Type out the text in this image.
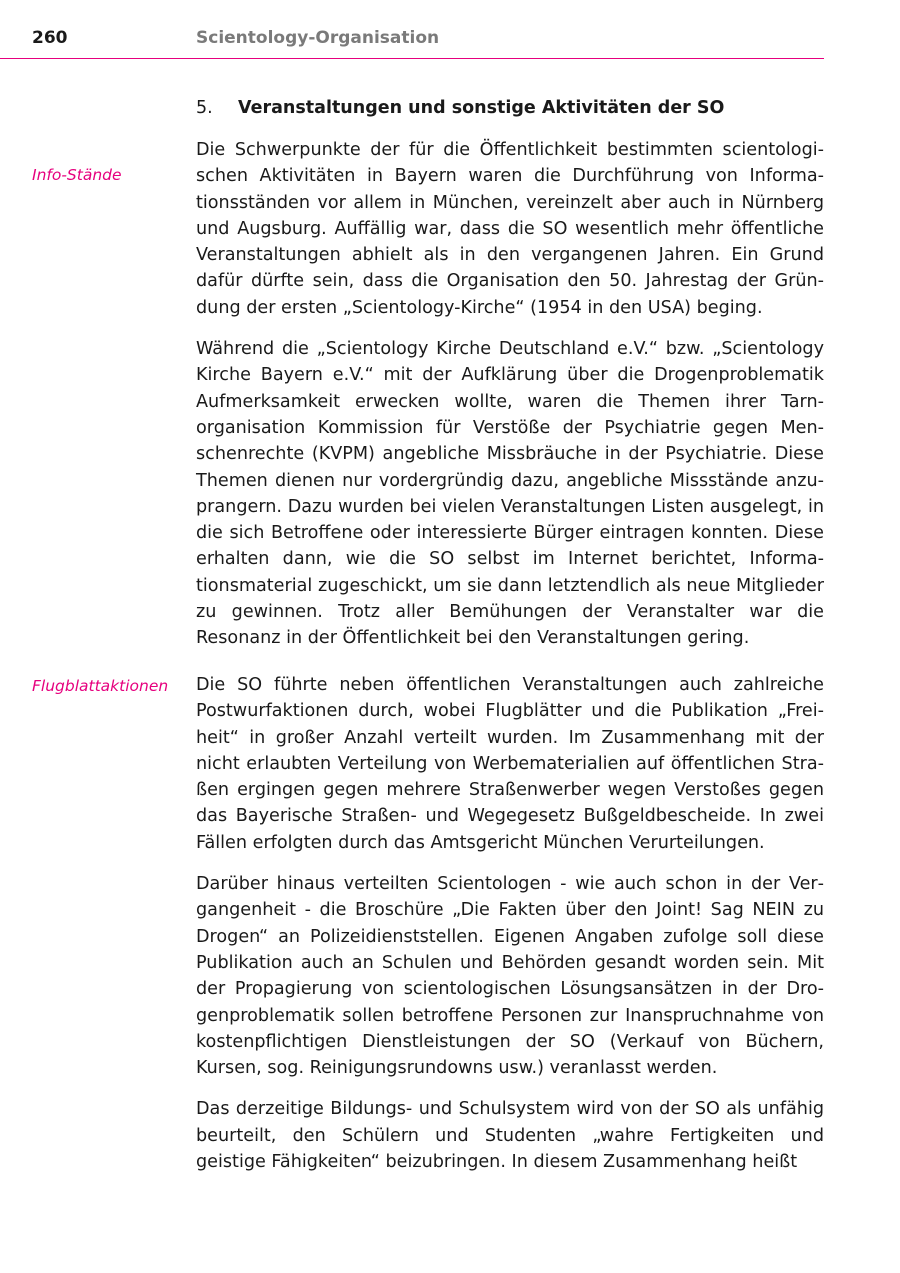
260	Scientology-Organisation
5. Veranstaltungen und sonstige Aktivitäten der SO
Info-Stände
Flugblattaktionen

Die Schwerpunkte der für die Öffentlichkeit bestimmten scientologischen Aktivitäten in Bayern waren die Durchführung von Informationsständen vor allem in München, vereinzelt aber auch in Nürnberg und Augsburg. Auffällig war, dass die SO wesentlich mehr öffentliche Veranstaltungen abhielt als in den vergangenen Jahren. Ein Grund dafür dürfte sein, dass die Organisation den 50. Jahrestag der Gründung der ersten „Scientology-Kirche“ (1954 in den USA) beging.

Während die „Scientology Kirche Deutschland e.V.“ bzw. „Scientology Kirche Bayern e.V.“ mit der Aufklärung über die Drogenproblematik Aufmerksamkeit erwecken wollte, waren die Themen ihrer Tarnorganisation Kommission für Verstöße der Psychiatrie gegen Menschenrechte (KVPM) angebliche Missbräuche in der Psychiatrie. Diese Themen dienen nur vordergründig dazu, angebliche Missstände anzuprangern. Dazu wurden bei vielen Veranstaltungen Listen ausgelegt, in die sich Betroffene oder interessierte Bürger eintragen konnten. Diese erhalten dann, wie die SO selbst im Internet berichtet, Informationsmaterial zugeschickt, um sie dann letztendlich als neue Mitglieder zu gewinnen. Trotz aller Bemühungen der Veranstalter war die Resonanz in der Öffentlichkeit bei den Veranstaltungen gering.

Die SO führte neben öffentlichen Veranstaltungen auch zahlreiche Postwurfaktionen durch, wobei Flugblätter und die Publikation „Freiheit“ in großer Anzahl verteilt wurden. Im Zusammenhang mit der nicht erlaubten Verteilung von Werbematerialien auf öffentlichen Straßen ergingen gegen mehrere Straßenwerber wegen Verstoßes gegen das Bayerische Straßen- und Wegegesetz Bußgeldbescheide. In zwei Fällen erfolgten durch das Amtsgericht München Verurteilungen.

Darüber hinaus verteilten Scientologen - wie auch schon in der Vergangenheit - die Broschüre „Die Fakten über den Joint! Sag NEIN zu Drogen“ an Polizeidienststellen. Eigenen Angaben zufolge soll diese Publikation auch an Schulen und Behörden gesandt worden sein. Mit der Propagierung von scientologischen Lösungsansätzen in der Drogenproblematik sollen betroffene Personen zur Inanspruchnahme von kostenpflichtigen Dienstleistungen der SO (Verkauf von Büchern, Kursen, sog. Reinigungsrundowns usw.) veranlasst werden.

Das derzeitige Bildungs- und Schulsystem wird von der SO als unfähig beurteilt, den Schülern und Studenten „wahre Fertigkeiten und geistige Fähigkeiten“ beizubringen. In diesem Zusammenhang heißt
